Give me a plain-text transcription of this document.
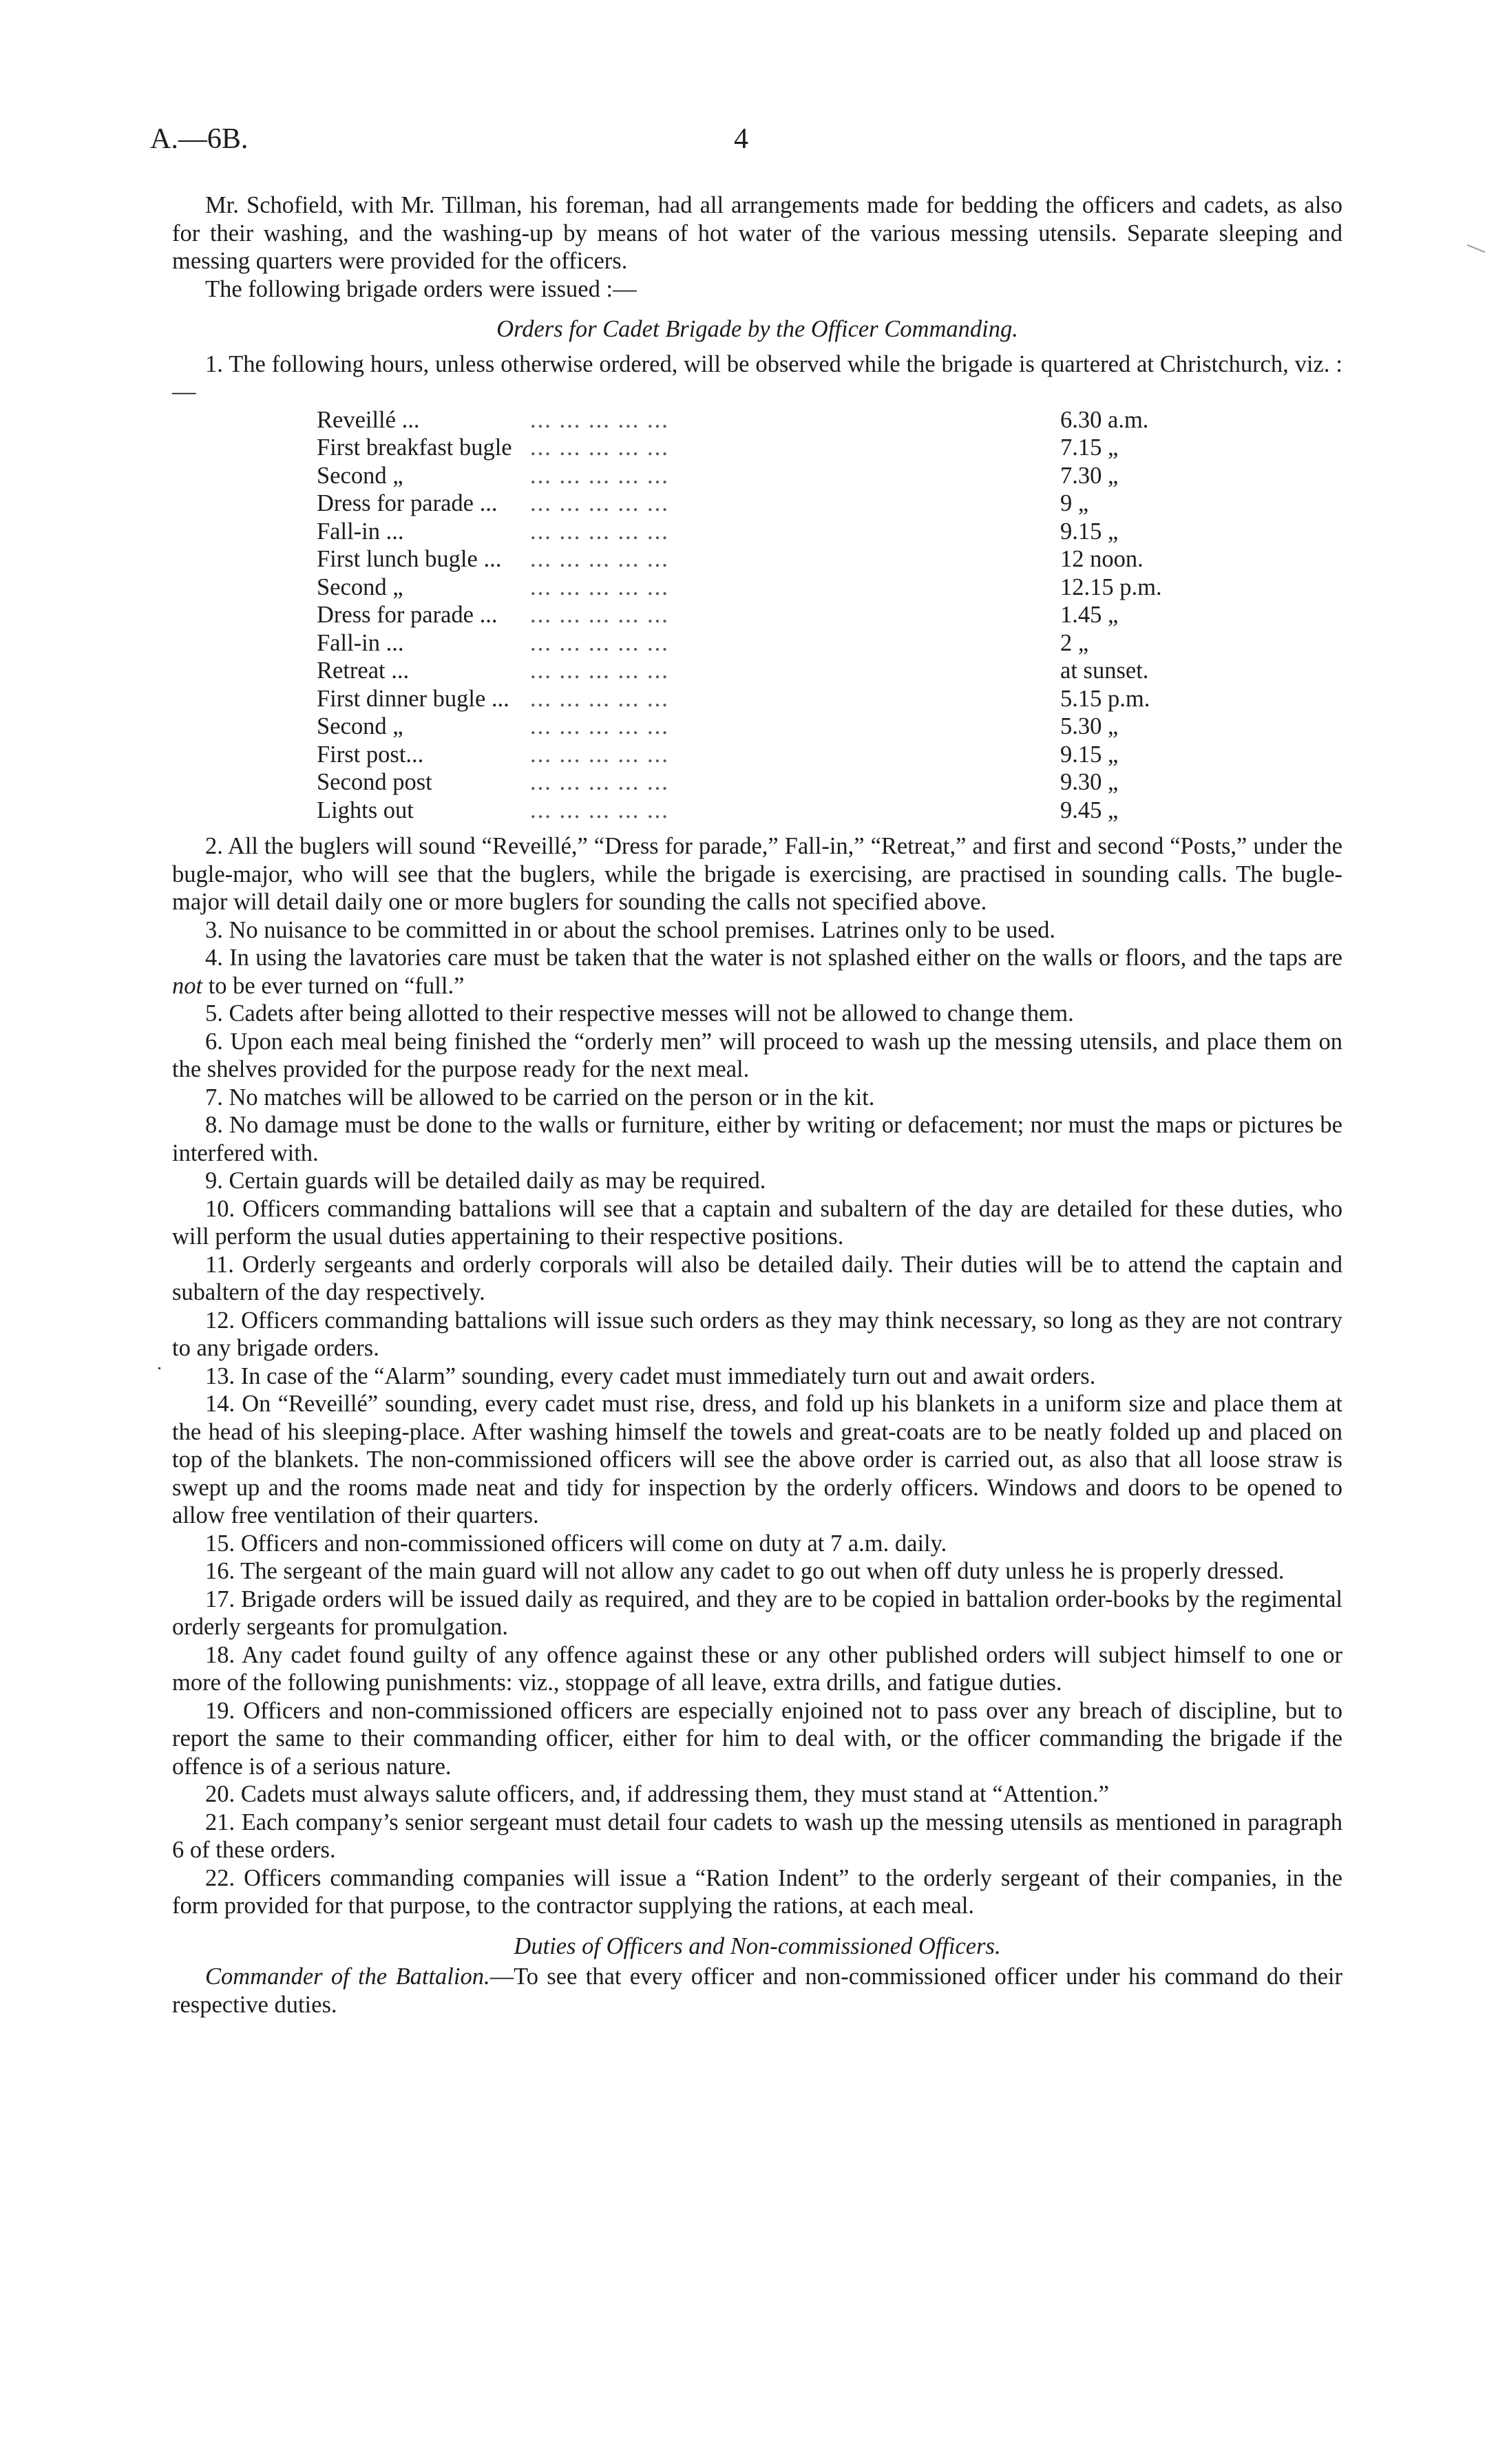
A.—6B.	4

Mr. Schofield, with Mr. Tillman, his foreman, had all arrangements made for bedding the officers and cadets, as also for their washing, and the washing-up by means of hot water of the various messing utensils. Separate sleeping and messing quarters were provided for the officers.

The following brigade orders were issued :—

Orders for Cadet Brigade by the Officer Commanding.

1. The following hours, unless otherwise ordered, will be observed while the brigade is quartered at Christchurch, viz. :—

Reveillé ...	... ... ... ... ...	6.30 a.m.
First breakfast bugle ... ... ... ... ...	7.15 „
Second „	... ... ... ... ...	7.30 „
Dress for parade ...	... ... ... ... ...	9 „
Fall-in ...	... ... ... ... ...	9.15 „
First lunch bugle ...	... ... ... ... ...	12 noon.
Second „	... ... ... ... ...	12.15 p.m.
Dress for parade ...	... ... ... ... ...	1.45 „
Fall-in ...	... ... ... ... ...	2 „
Retreat ...	... ... ... ... ...	at sunset.
First dinner bugle ... ... ... ... ... ...	5.15 p.m.
Second „	... ... ... ... ...	5.30 „
First post...	... ... ... ... ...	9.15 „
Second post	... ... ... ... ...	9.30 „
Lights out	... ... ... ... ...	9.45 „

2. All the buglers will sound “Reveillé,” “Dress for parade,” Fall-in,” “Retreat,” and first and second “Posts,” under the bugle-major, who will see that the buglers, while the brigade is exercising, are practised in sounding calls. The bugle-major will detail daily one or more buglers for sounding the calls not specified above.

3. No nuisance to be committed in or about the school premises. Latrines only to be used.

4. In using the lavatories care must be taken that the water is not splashed either on the walls or floors, and the taps are not to be ever turned on “full.”

5. Cadets after being allotted to their respective messes will not be allowed to change them.

6. Upon each meal being finished the “orderly men” will proceed to wash up the messing utensils, and place them on the shelves provided for the purpose ready for the next meal.

7. No matches will be allowed to be carried on the person or in the kit.

8. No damage must be done to the walls or furniture, either by writing or defacement; nor must the maps or pictures be interfered with.

9. Certain guards will be detailed daily as may be required.

10. Officers commanding battalions will see that a captain and subaltern of the day are detailed for these duties, who will perform the usual duties appertaining to their respective positions.

11. Orderly sergeants and orderly corporals will also be detailed daily. Their duties will be to attend the captain and subaltern of the day respectively.

12. Officers commanding battalions will issue such orders as they may think necessary, so long as they are not contrary to any brigade orders.

13. In case of the “Alarm” sounding, every cadet must immediately turn out and await orders.

14. On “Reveillé” sounding, every cadet must rise, dress, and fold up his blankets in a uniform size and place them at the head of his sleeping-place. After washing himself the towels and great-coats are to be neatly folded up and placed on top of the blankets. The non-commissioned officers will see the above order is carried out, as also that all loose straw is swept up and the rooms made neat and tidy for inspection by the orderly officers. Windows and doors to be opened to allow free ventilation of their quarters.

15. Officers and non-commissioned officers will come on duty at 7 a.m. daily.

16. The sergeant of the main guard will not allow any cadet to go out when off duty unless he is properly dressed.

17. Brigade orders will be issued daily as required, and they are to be copied in battalion order-books by the regimental orderly sergeants for promulgation.

18. Any cadet found guilty of any offence against these or any other published orders will subject himself to one or more of the following punishments: viz., stoppage of all leave, extra drills, and fatigue duties.

19. Officers and non-commissioned officers are especially enjoined not to pass over any breach of discipline, but to report the same to their commanding officer, either for him to deal with, or the officer commanding the brigade if the offence is of a serious nature.

20. Cadets must always salute officers, and, if addressing them, they must stand at “Attention.”

21. Each company’s senior sergeant must detail four cadets to wash up the messing utensils as mentioned in paragraph 6 of these orders.

22. Officers commanding companies will issue a “Ration Indent” to the orderly sergeant of their companies, in the form provided for that purpose, to the contractor supplying the rations, at each meal.

Duties of Officers and Non-commissioned Officers.

Commander of the Battalion.—To see that every officer and non-commissioned officer under his command do their respective duties.
